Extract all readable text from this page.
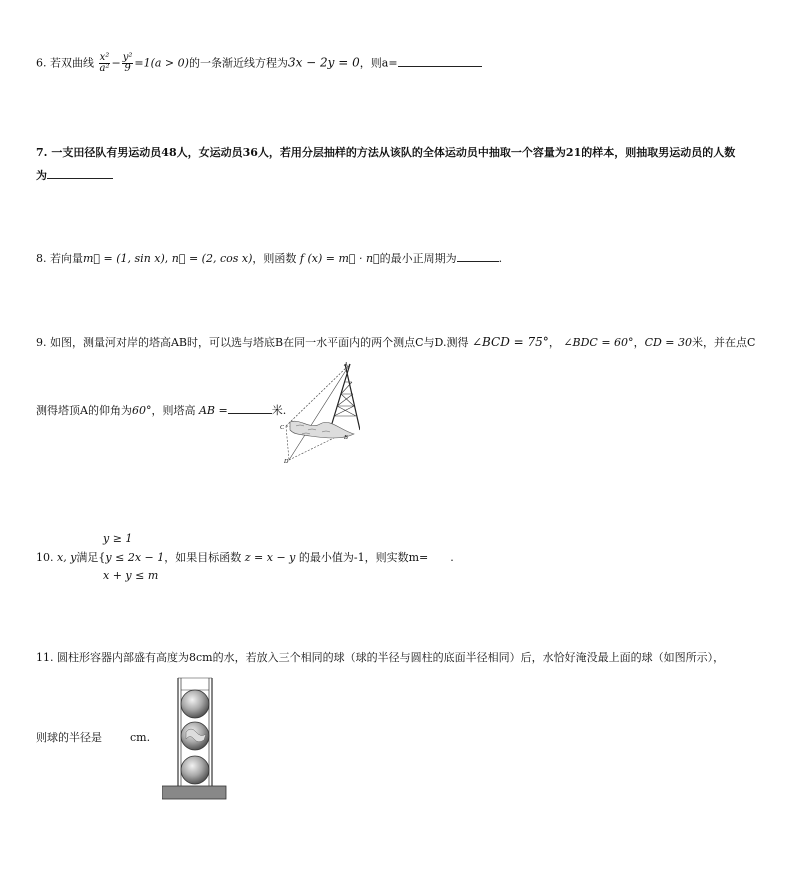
6. 若双曲线 $\frac{\text{x²}}{\text{a²}} - \frac{\text{y²}}{9} =1(a > 0)$的一条渐近线方程为3x − 2y = 0，则a=
7. 一支田径队有男运动员48人，女运动员36人，若用分层抽样的方法从该队的全体运动员中抽取一个容量为21的样本，则抽取男运动员的人数
为
8. 若向量m⃗ = (1, sin x), n⃗ = (2, cos x)，则函数 f (x) = m⃗ · n⃗的最小正周期为	.
9. 如图，测量河对岸的塔高AB时，可以选与塔底B在同一水平面内的两个测点C与D.测得 ∠BCD = 75°， ∠BDC = 60°，CD = 30米，并在点C
测得塔顶A的仰角为60°，则塔高 AB =	米.
A
B
C
D
y ≥ 1
10. x, y满足{y ≤ 2x − 1，如果目标函数 z = x − y 的最小值为-1，则实数m= .
x + y ≤ m
11. 圆柱形容器内部盛有高度为8cm的水，若放入三个相同的球（球的半径与圆柱的底面半径相同）后，水恰好淹没最上面的球（如图所示），
则球的半径是	cm.
